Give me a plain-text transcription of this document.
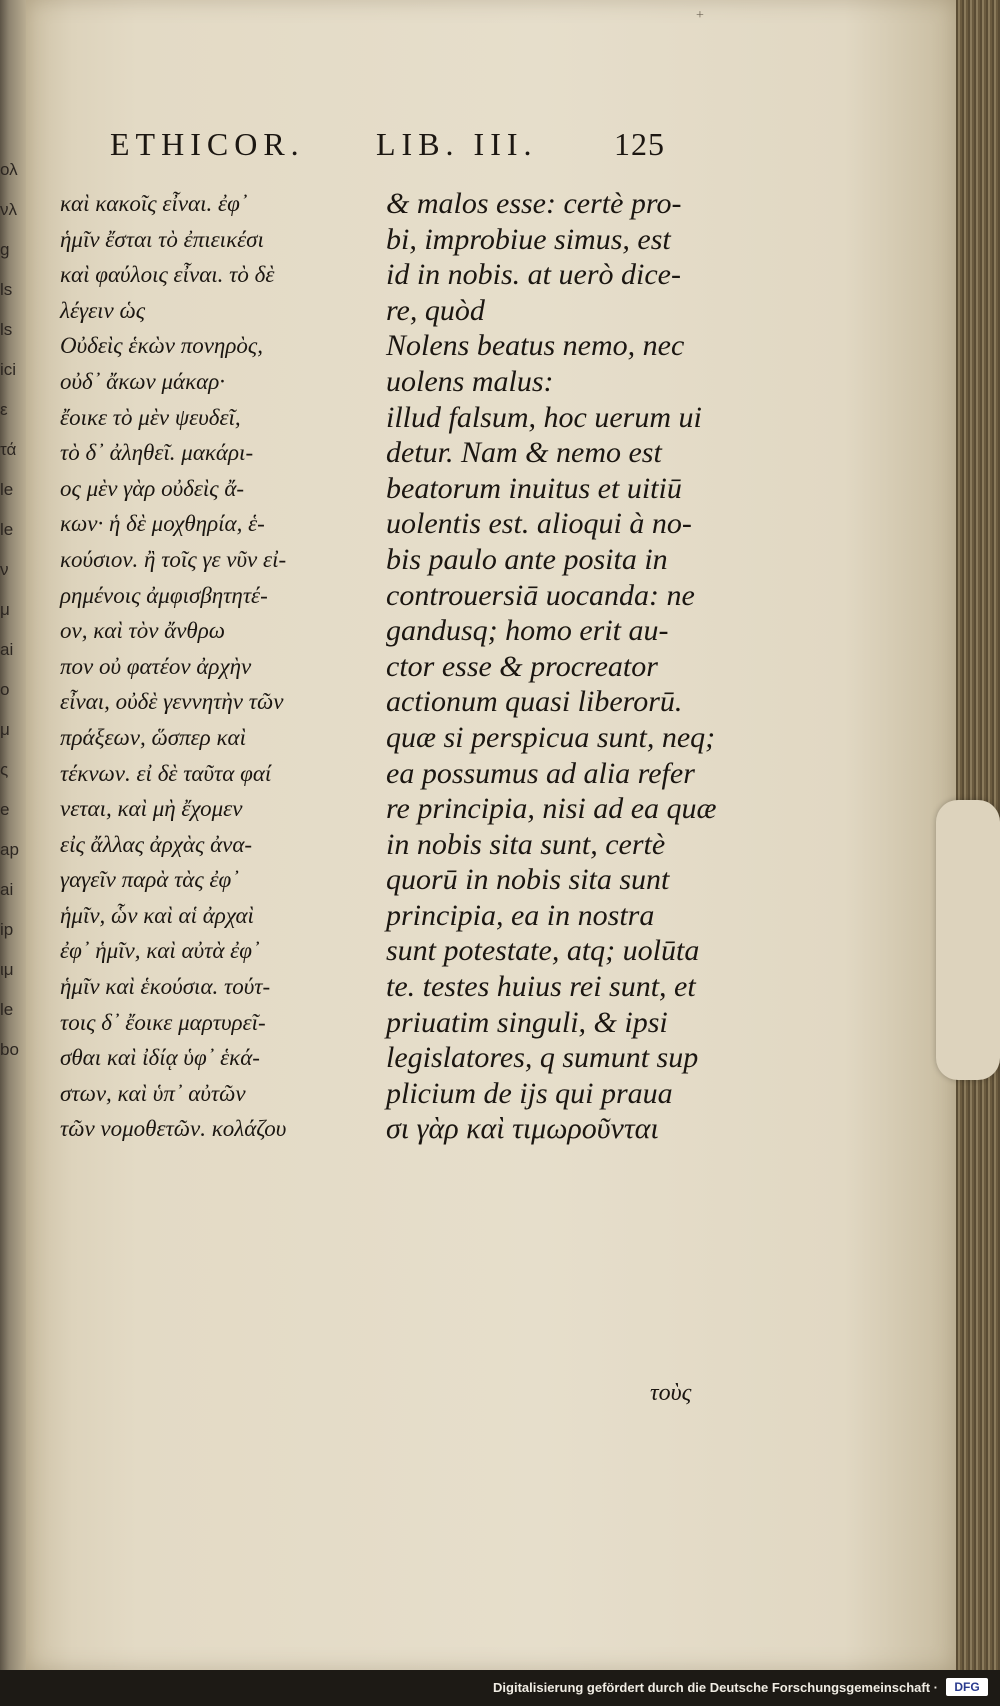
ολ
νλ
g
ls
ls
ici
ε
τά
le
le
ν
μ
ai
ο
μ
ς
e
ap
ai
ip
ιμ
le
bo
+
ETHICOR. LIB. III. 125
καὶ κακοῖς εἶναι. ἐφ᾽
ἡμῖν ἔσται τὸ ἐπιεικέσι
καὶ φαύλοις εἶναι. τὸ δὲ
λέγειν ὡς
Οὐδεὶς ἑκὼν πονηρὸς,
οὐδ᾽ ἄκων μάκαρ·
ἔοικε τὸ μὲν ψευδεῖ,
τὸ δ᾽ ἀληθεῖ. μακάρι-
ος μὲν γὰρ οὐδεὶς ἄ-
κων· ἡ δὲ μοχθηρία, ἑ-
κούσιον. ἢ τοῖς γε νῦν εἰ-
ρημένοις ἀμφισβητητέ-
ον, καὶ τὸν ἄνθρω
πον οὐ φατέον ἀρχὴν
εἶναι, οὐδὲ γεννητὴν τῶν
πράξεων, ὥσπερ καὶ
τέκνων. εἰ δὲ ταῦτα φαί
νεται, καὶ μὴ ἔχομεν
εἰς ἄλλας ἀρχὰς ἀνα-
γαγεῖν παρὰ τὰς ἐφ᾽
ἡμῖν, ὧν καὶ αἱ ἀρχαὶ
ἐφ᾽ ἡμῖν, καὶ αὐτὰ ἐφ᾽
ἡμῖν καὶ ἑκούσια. τούτ-
τοις δ᾽ ἔοικε μαρτυρεῖ-
σθαι καὶ ἰδίᾳ ὑφ᾽ ἑκά-
στων, καὶ ὑπ᾽ αὐτῶν
τῶν νομοθετῶν. κολάζου
& malos esse: certè pro-
bi, improbiue simus, est
id in nobis. at uerò dice-
re, quòd
Nolens beatus nemo, nec
uolens malus:
illud falsum, hoc uerum ui
detur. Nam & nemo est
beatorum inuitus et uitiū
uolentis est. alioqui à no-
bis paulo ante posita in
controuersiā uocanda: ne
gandusq; homo erit au-
ctor esse & procreator
actionum quasi liberorū.
quæ si perspicua sunt, neq;
ea possumus ad alia refer
re principia, nisi ad ea quæ
in nobis sita sunt, certè
quorū in nobis sita sunt
principia, ea in nostra
sunt potestate, atq; uolūta
te. testes huius rei sunt, et
priuatim singuli, & ipsi
legislatores, q sumunt sup
plicium de ijs qui praua
σι γὰρ καὶ τιμωροῦνται
τοὺς
Digitalisierung gefördert durch die Deutsche Forschungsgemeinschaft ·	DFG
